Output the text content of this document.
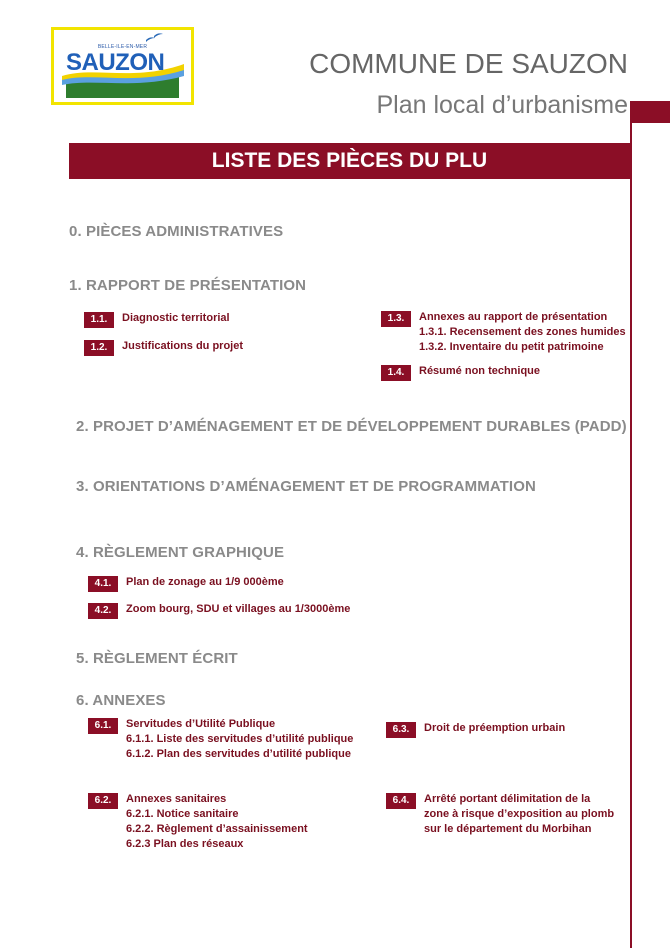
BELLE-ILE-EN-MER
SAUZON	COMMUNE DE SAUZON
Plan local d’urbanisme
LISTE DES PIÈCES DU PLU
0. PIÈCES ADMINISTRATIVES
1. RAPPORT DE PRÉSENTATION
2. PROJET D’AMÉNAGEMENT ET DE DÉVELOPPEMENT DURABLES (PADD)
3. ORIENTATIONS D’AMÉNAGEMENT ET DE PROGRAMMATION
4. RÈGLEMENT GRAPHIQUE
5. RÈGLEMENT ÉCRIT
6. ANNEXES
1.1.	Diagnostic territorial
1.2.	Justifications du projet
1.3.	Annexes au rapport de présentation
1.3.1. Recensement des zones humides
1.3.2. Inventaire du petit patrimoine
1.4.	Résumé non technique
4.1.	Plan de zonage au 1/9 000ème
4.2.	Zoom bourg, SDU et villages au 1/3000ème
6.1.	Servitudes d’Utilité Publique
6.1.1. Liste des servitudes d’utilité publique
6.1.2. Plan des servitudes d’utilité publique
6.2.	Annexes sanitaires
6.2.1. Notice sanitaire
6.2.2. Règlement d’assainissement
6.2.3 Plan des réseaux
6.3.	Droit de préemption urbain
6.4.	Arrêté portant délimitation de la
zone à risque d’exposition au plomb
sur le département du Morbihan
